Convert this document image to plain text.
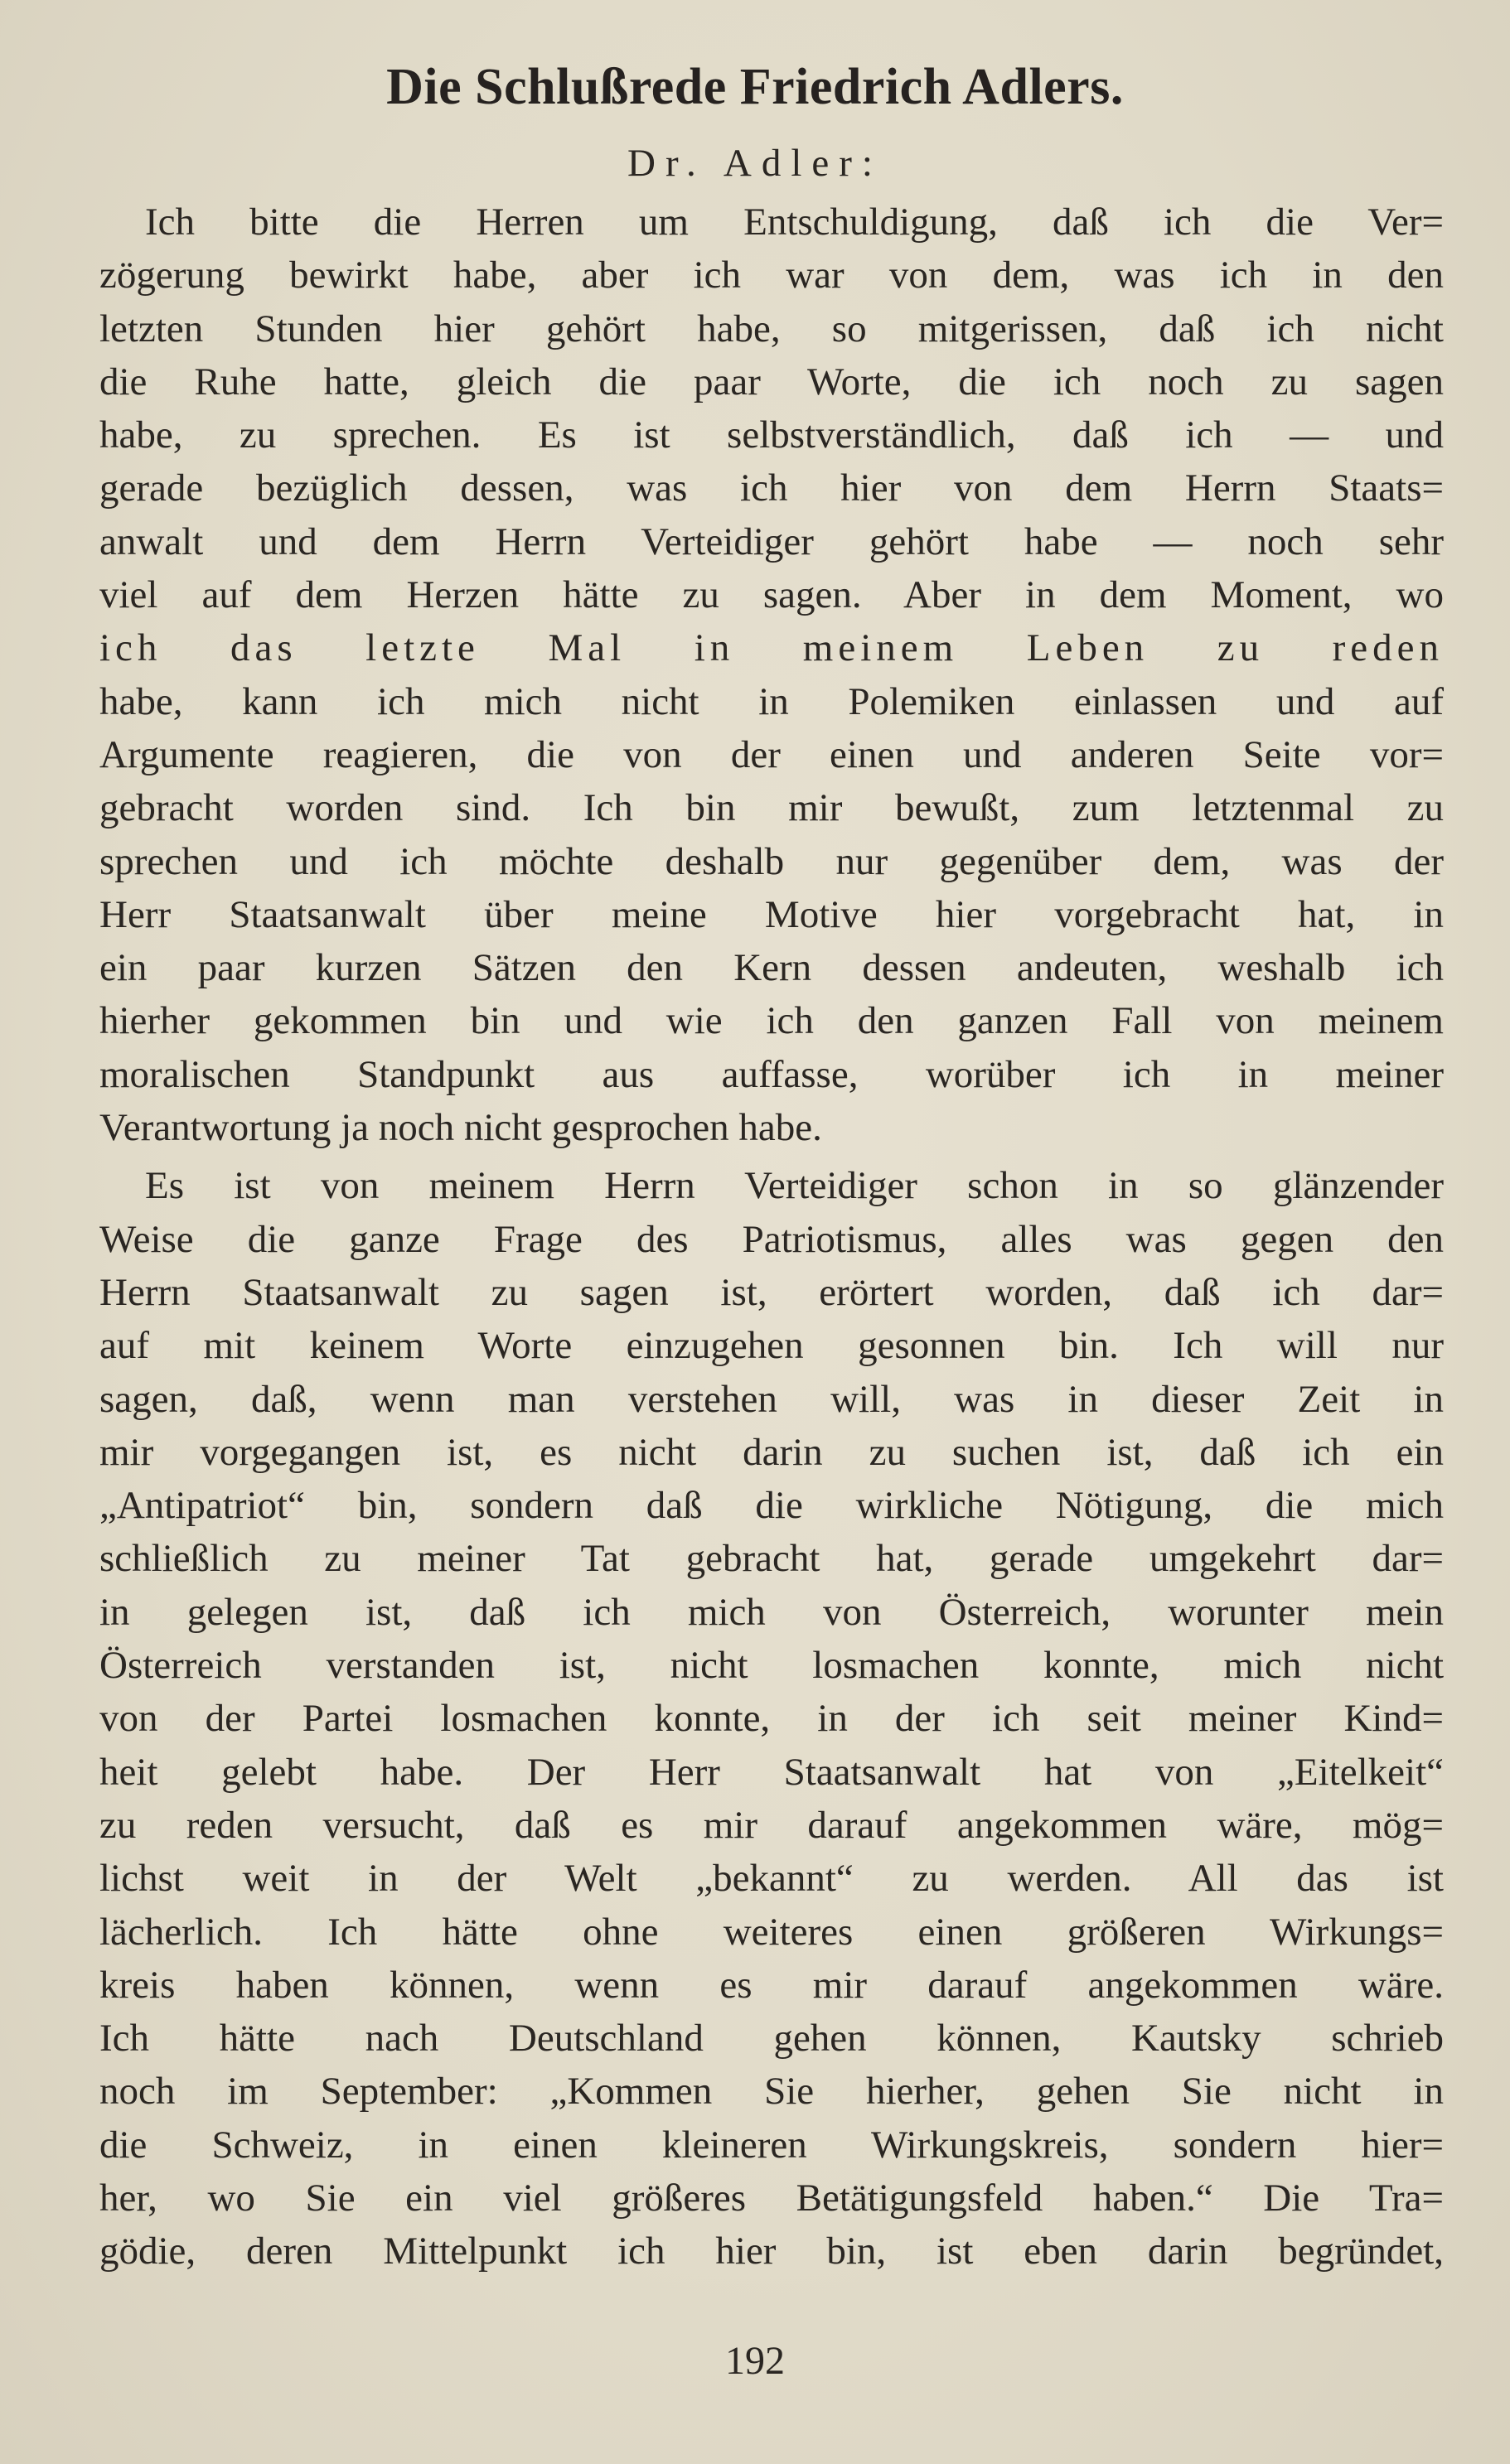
Die Schlußrede Friedrich Adlers.
Dr. Adler:
Ich bitte die Herren um Entschuldigung, daß ich die Ver=
zögerung bewirkt habe, aber ich war von dem, was ich in den
letzten Stunden hier gehört habe, so mitgerissen, daß ich nicht
die Ruhe hatte, gleich die paar Worte, die ich noch zu sagen
habe, zu sprechen. Es ist selbstverständlich, daß ich — und
gerade bezüglich dessen, was ich hier von dem Herrn Staats=
anwalt und dem Herrn Verteidiger gehört habe — noch sehr
viel auf dem Herzen hätte zu sagen. Aber in dem Moment, wo
ich das letzte Mal in meinem Leben zu reden
habe, kann ich mich nicht in Polemiken einlassen und auf
Argumente reagieren, die von der einen und anderen Seite vor=
gebracht worden sind. Ich bin mir bewußt, zum letztenmal zu
sprechen und ich möchte deshalb nur gegenüber dem, was der
Herr Staatsanwalt über meine Motive hier vorgebracht hat, in
ein paar kurzen Sätzen den Kern dessen andeuten, weshalb ich
hierher gekommen bin und wie ich den ganzen Fall von meinem
moralischen Standpunkt aus auffasse, worüber ich in meiner
Verantwortung ja noch nicht gesprochen habe.
Es ist von meinem Herrn Verteidiger schon in so glänzender
Weise die ganze Frage des Patriotismus, alles was gegen den
Herrn Staatsanwalt zu sagen ist, erörtert worden, daß ich dar=
auf mit keinem Worte einzugehen gesonnen bin. Ich will nur
sagen, daß, wenn man verstehen will, was in dieser Zeit in
mir vorgegangen ist, es nicht darin zu suchen ist, daß ich ein
„Antipatriot“ bin, sondern daß die wirkliche Nötigung, die mich
schließlich zu meiner Tat gebracht hat, gerade umgekehrt dar=
in gelegen ist, daß ich mich von Österreich, worunter mein
Österreich verstanden ist, nicht losmachen konnte, mich nicht
von der Partei losmachen konnte, in der ich seit meiner Kind=
heit gelebt habe. Der Herr Staatsanwalt hat von „Eitelkeit“
zu reden versucht, daß es mir darauf angekommen wäre, mög=
lichst weit in der Welt „bekannt“ zu werden. All das ist
lächerlich. Ich hätte ohne weiteres einen größeren Wirkungs=
kreis haben können, wenn es mir darauf angekommen wäre.
Ich hätte nach Deutschland gehen können, Kautsky schrieb
noch im September: „Kommen Sie hierher, gehen Sie nicht in
die Schweiz, in einen kleineren Wirkungskreis, sondern hier=
her, wo Sie ein viel größeres Betätigungsfeld haben.“ Die Tra=
gödie, deren Mittelpunkt ich hier bin, ist eben darin begründet,
192
